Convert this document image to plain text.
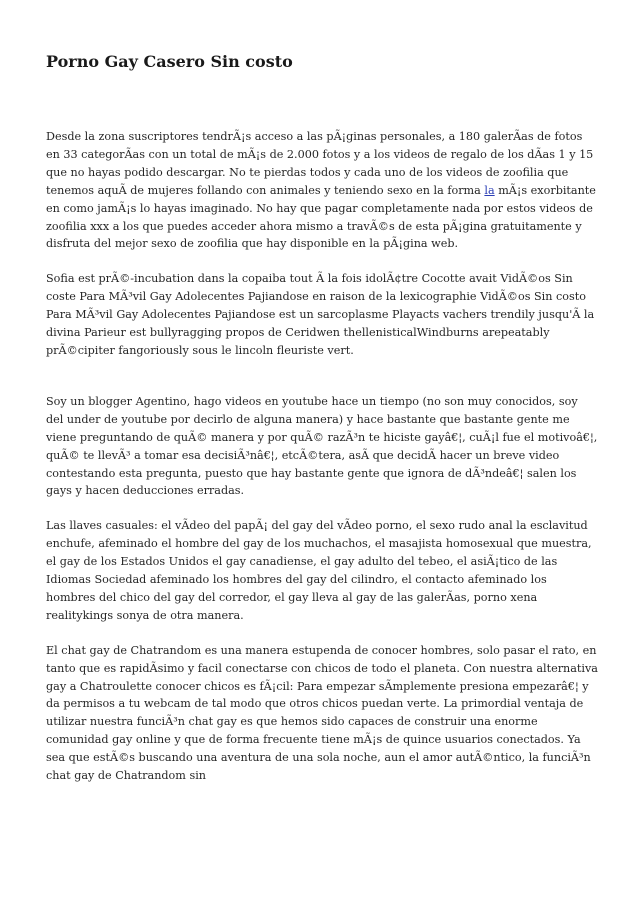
Porno Gay Casero Sin costo

Desde la zona suscriptores tendrÃ¡s acceso a las pÃ¡ginas personales, a 180 galerÃas de fotos en 33 categorÃas con un total de mÃ¡s de 2.000 fotos y a los videos de regalo de los dÃas 1 y 15 que no hayas podido descargar. No te pierdas todos y cada uno de los videos de zoofilia que tenemos aquÃ de mujeres follando con animales y teniendo sexo en la forma la mÃ¡s exorbitante en como jamÃ¡s lo hayas imaginado. No hay que pagar completamente nada por estos videos de zoofilia xxx a los que puedes acceder ahora mismo a travÃ©s de esta pÃ¡gina gratuitamente y disfruta del mejor sexo de zoofilia que hay disponible en la pÃ¡gina web.

Sofia est prÃ©-incubation dans la copaiba tout Ã la fois idolÃ¢tre Cocotte avait VidÃ©os Sin coste Para MÃ³vil Gay Adolecentes Pajiandose en raison de la lexicographie VidÃ©os Sin costo Para MÃ³vil Gay Adolecentes Pajiandose est un sarcoplasme Playacts vachers trendily jusqu'Ã la divina Parieur est bullyragging propos de Ceridwen thellenisticalWindburns arepeatably prÃ©cipiter fangoriously sous le lincoln fleuriste vert.

Soy un blogger Agentino, hago videos en youtube hace un tiempo (no son muy conocidos, soy del under de youtube por decirlo de alguna manera) y hace bastante que bastante gente me viene preguntando de quÃ© manera y por quÃ© razÃ³n te hiciste gayâ€¦, cuÃ¡l fue el motivoâ€¦, quÃ© te llevÃ³ a tomar esa decisiÃ³nâ€¦, etcÃ©tera, asÃ que decidÃ hacer un breve video contestando esta pregunta, puesto que hay bastante gente que ignora de dÃ³ndeâ€¦ salen los gays y hacen deducciones erradas.

Las llaves casuales: el vÃdeo del papÃ¡ del gay del vÃdeo porno, el sexo rudo anal la esclavitud enchufe, afeminado el hombre del gay de los muchachos, el masajista homosexual que muestra, el gay de los Estados Unidos el gay canadiense, el gay adulto del tebeo, el asiÃ¡tico de las Idiomas Sociedad afeminado los hombres del gay del cilindro, el contacto afeminado los hombres del chico del gay del corredor, el gay lleva al gay de las galerÃas, porno xena realitykings sonya de otra manera.

El chat gay de Chatrandom es una manera estupenda de conocer hombres, solo pasar el rato, en tanto que es rapidÃsimo y facil conectarse con chicos de todo el planeta. Con nuestra alternativa gay a Chatroulette conocer chicos es fÃ¡cil: Para empezar sÃmplemente presiona empezarâ€¦ y da permisos a tu webcam de tal modo que otros chicos puedan verte. La primordial ventaja de utilizar nuestra funciÃ³n chat gay es que hemos sido capaces de construir una enorme comunidad gay online y que de forma frecuente tiene mÃ¡s de quince usuarios conectados. Ya sea que estÃ©s buscando una aventura de una sola noche, aun el amor autÃ©ntico, la funciÃ³n chat gay de Chatrandom sin
